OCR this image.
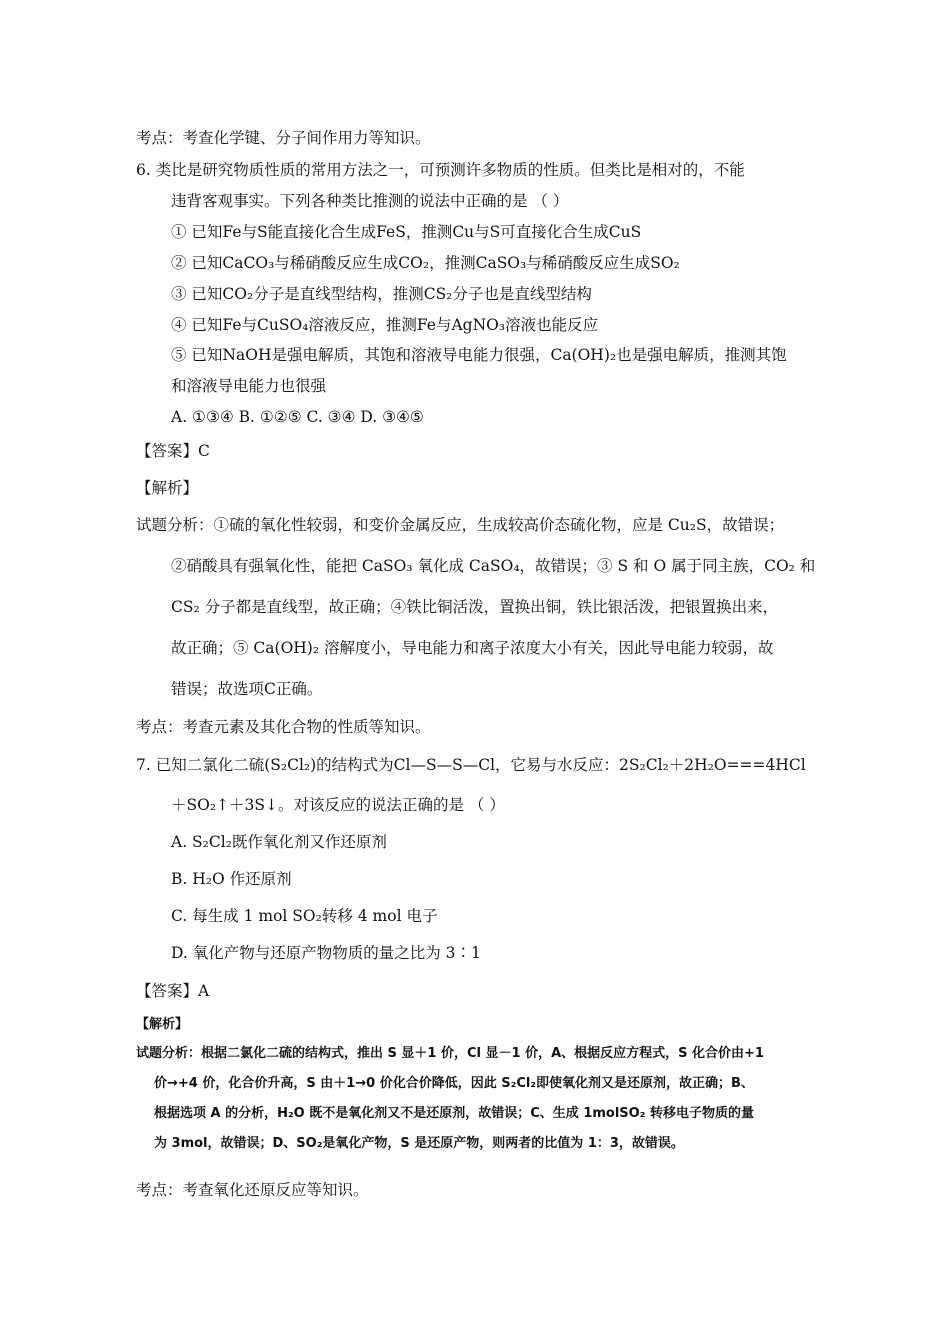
考点：考查化学键、分子间作用力等知识。
6. 类比是研究物质性质的常用方法之一，可预测许多物质的性质。但类比是相对的，不能
违背客观事实。下列各种类比推测的说法中正确的是 （ ）
① 已知Fe与S能直接化合生成FeS，推测Cu与S可直接化合生成CuS
② 已知CaCO₃与稀硝酸反应生成CO₂，推测CaSO₃与稀硝酸反应生成SO₂
③ 已知CO₂分子是直线型结构，推测CS₂分子也是直线型结构
④ 已知Fe与CuSO₄溶液反应，推测Fe与AgNO₃溶液也能反应
⑤ 已知NaOH是强电解质，其饱和溶液导电能力很强，Ca(OH)₂也是强电解质，推测其饱
和溶液导电能力也很强
A. ①③④ B. ①②⑤ C. ③④ D. ③④⑤
【答案】C
【解析】
试题分析：①硫的氧化性较弱，和变价金属反应，生成较高价态硫化物，应是 Cu₂S，故错误；
②硝酸具有强氧化性，能把 CaSO₃ 氧化成 CaSO₄，故错误；③ S 和 O 属于同主族，CO₂ 和
CS₂ 分子都是直线型，故正确；④铁比铜活泼，置换出铜，铁比银活泼，把银置换出来，
故正确；⑤ Ca(OH)₂ 溶解度小，导电能力和离子浓度大小有关，因此导电能力较弱，故
错误；故选项C正确。
考点：考查元素及其化合物的性质等知识。
7. 已知二氯化二硫(S₂Cl₂)的结构式为Cl—S—S—Cl，它易与水反应：2S₂Cl₂＋2H₂O===4HCl
＋SO₂↑＋3S↓。对该反应的说法正确的是 （ ）
A. S₂Cl₂既作氧化剂又作还原剂
B. H₂O 作还原剂
C. 每生成 1 mol SO₂转移 4 mol 电子
D. 氧化产物与还原产物物质的量之比为 3∶1
【答案】A
【解析】
试题分析：根据二氯化二硫的结构式，推出 S 显＋1 价，Cl 显－1 价，A、根据反应方程式，S 化合价由+1
价→+4 价，化合价升高，S 由＋1→0 价化合价降低，因此 S₂Cl₂即使氧化剂又是还原剂，故正确；B、
根据选项 A 的分析，H₂O 既不是氧化剂又不是还原剂，故错误；C、生成 1molSO₂ 转移电子物质的量
为 3mol，故错误；D、SO₂是氧化产物，S 是还原产物，则两者的比值为 1：3，故错误。
考点：考查氧化还原反应等知识。
